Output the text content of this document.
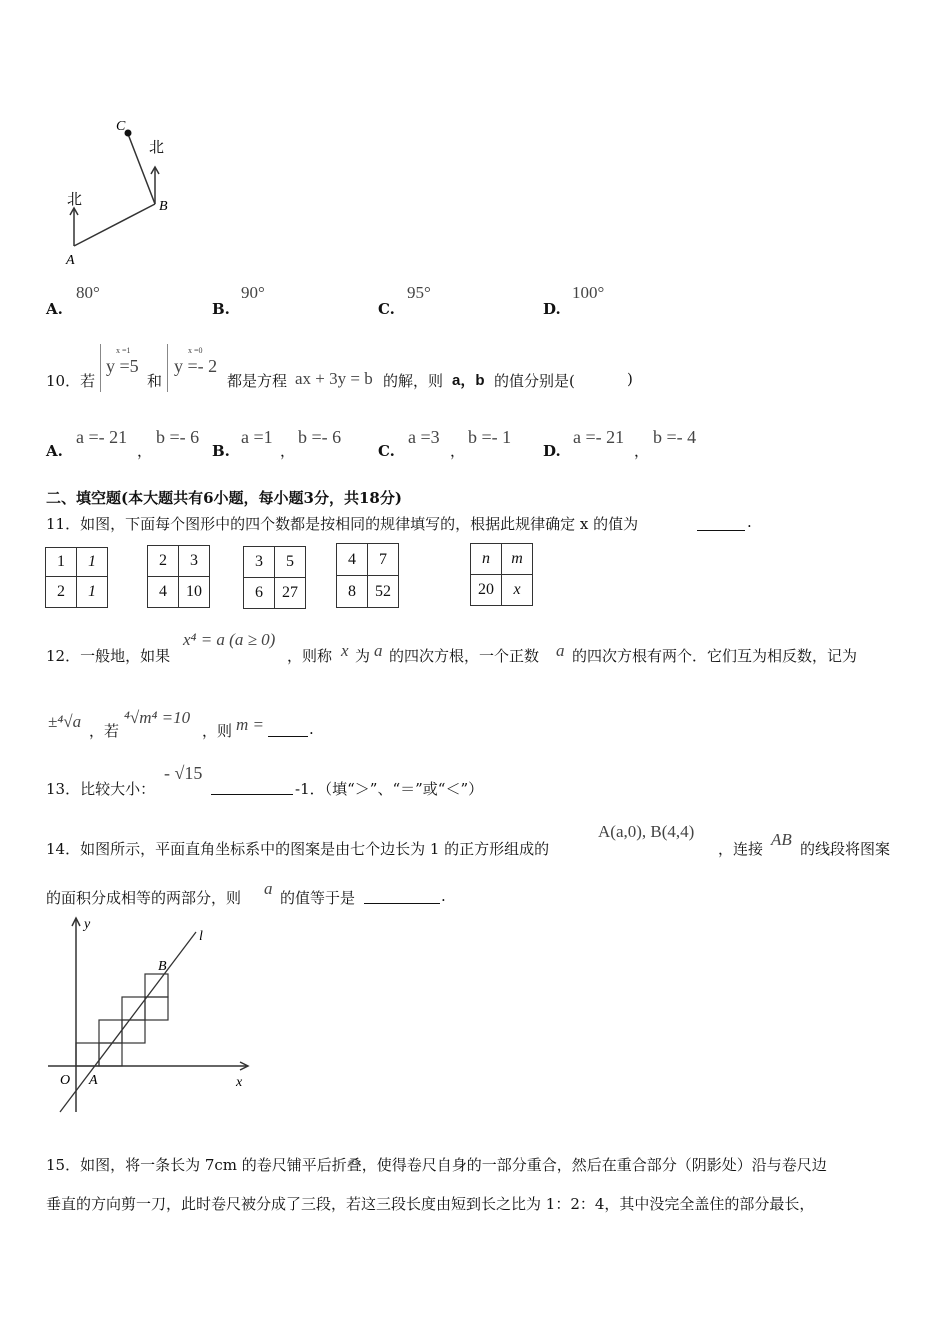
C
B
A
北
北
A.
80°
B.
90°
C.
95°
D.
100°
10．若
x =1
y =5
和
x =0
y =- 2
都是方程 ax + 3y = b 的解，则 a，b 的值分别是(	)
A.
a =- 21
，
b =- 6
B.
a =1
，
b =- 6
C.
a =3
，
b =- 1
D.
a =- 21
，
b =- 4
二、填空题(本大题共有6小题，每小题3分，共18分)
11．如图，下面每个图形中的四个数都是按相同的规律填写的，根据此规律确定 x 的值为	.
1	1
2	1
2	3
4	10
3	5
6	27
4	7
8	52
n	m
20	x
12．一般地，如果
x⁴ = a (a ≥ 0)
，则称 x 为 a 的四次方根，一个正数 a 的四次方根有两个．它们互为相反数，记为
±⁴√a ，若
⁴√m⁴ =10
，则 m =	.
13．比较大小：
- √15
-1．（填“＞”、“＝”或“＜”）
14．如图所示，平面直角坐标系中的图案是由七个边长为 1 的正方形组成的
A(a,0), B(4,4)
，连接 AB 的线段将图案
的面积分成相等的两部分，则 a 的值等于是	.
y
x
O A
B
l
15．如图，将一条长为 7cm 的卷尺铺平后折叠，使得卷尺自身的一部分重合，然后在重合部分（阴影处）沿与卷尺边
垂直的方向剪一刀，此时卷尺被分成了三段，若这三段长度由短到长之比为 1：2：4，其中没完全盖住的部分最长，
